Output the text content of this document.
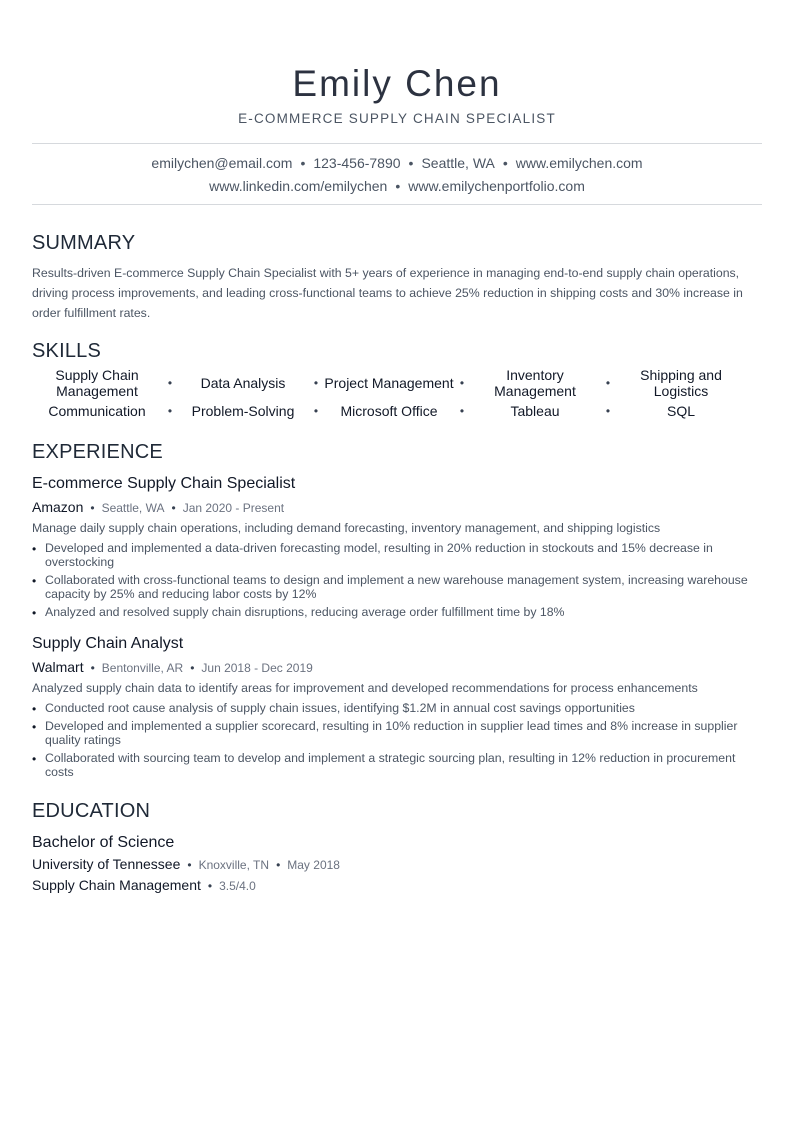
Emily Chen
E-COMMERCE SUPPLY CHAIN SPECIALIST
emilychen@email.com • 123-456-7890 • Seattle, WA • www.emilychen.com
www.linkedin.com/emilychen • www.emilychenportfolio.com
SUMMARY
Results-driven E-commerce Supply Chain Specialist with 5+ years of experience in managing end-to-end supply chain operations, driving process improvements, and leading cross-functional teams to achieve 25% reduction in shipping costs and 30% increase in order fulfillment rates.
SKILLS
Supply Chain Management	•	Data Analysis	• Project Management •	Inventory Management	•	Shipping and Logistics
Communication	•	Problem-Solving	•	Microsoft Office	•	Tableau	•	SQL
EXPERIENCE
E-commerce Supply Chain Specialist
Amazon • Seattle, WA • Jan 2020 - Present
Manage daily supply chain operations, including demand forecasting, inventory management, and shipping logistics
• Developed and implemented a data-driven forecasting model, resulting in 20% reduction in stockouts and 15% decrease in overstocking
• Collaborated with cross-functional teams to design and implement a new warehouse management system, increasing warehouse capacity by 25% and reducing labor costs by 12%
• Analyzed and resolved supply chain disruptions, reducing average order fulfillment time by 18%
Supply Chain Analyst
Walmart • Bentonville, AR • Jun 2018 - Dec 2019
Analyzed supply chain data to identify areas for improvement and developed recommendations for process enhancements
• Conducted root cause analysis of supply chain issues, identifying $1.2M in annual cost savings opportunities
• Developed and implemented a supplier scorecard, resulting in 10% reduction in supplier lead times and 8% increase in supplier quality ratings
• Collaborated with sourcing team to develop and implement a strategic sourcing plan, resulting in 12% reduction in procurement costs
EDUCATION
Bachelor of Science
University of Tennessee • Knoxville, TN • May 2018
Supply Chain Management • 3.5/4.0
